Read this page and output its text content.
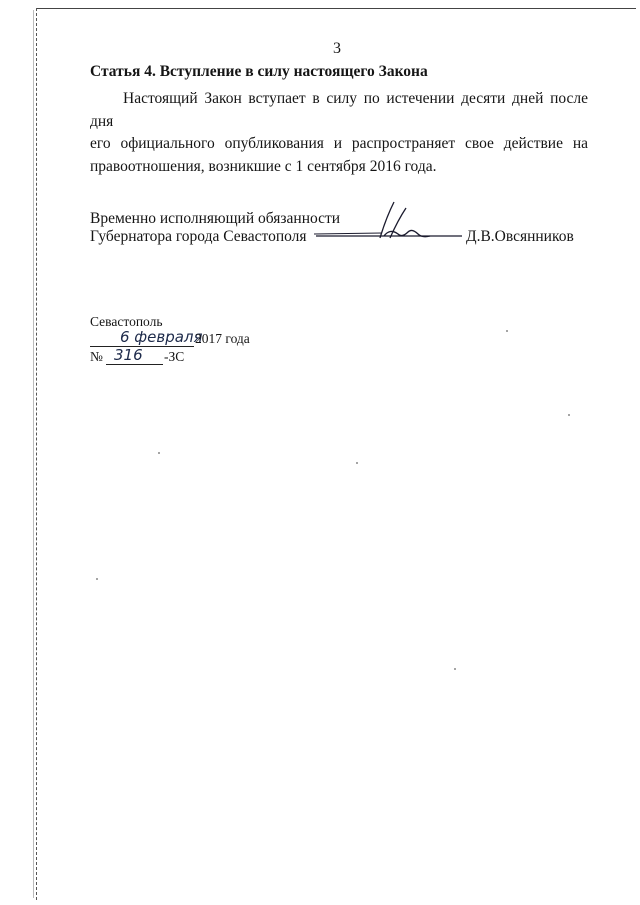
3
Статья 4. Вступление в силу настоящего Закона
Настоящий Закон вступает в силу по истечении десяти дней после дня
его официального опубликования и распространяет свое действие на
правоотношения, возникшие с 1 сентября 2016 года.
Временно исполняющий обязанности
Губернатора города Севастополя	Д.В.Овсянников
Севастополь
6 февраля
2017 года
№ 316 -ЗС
